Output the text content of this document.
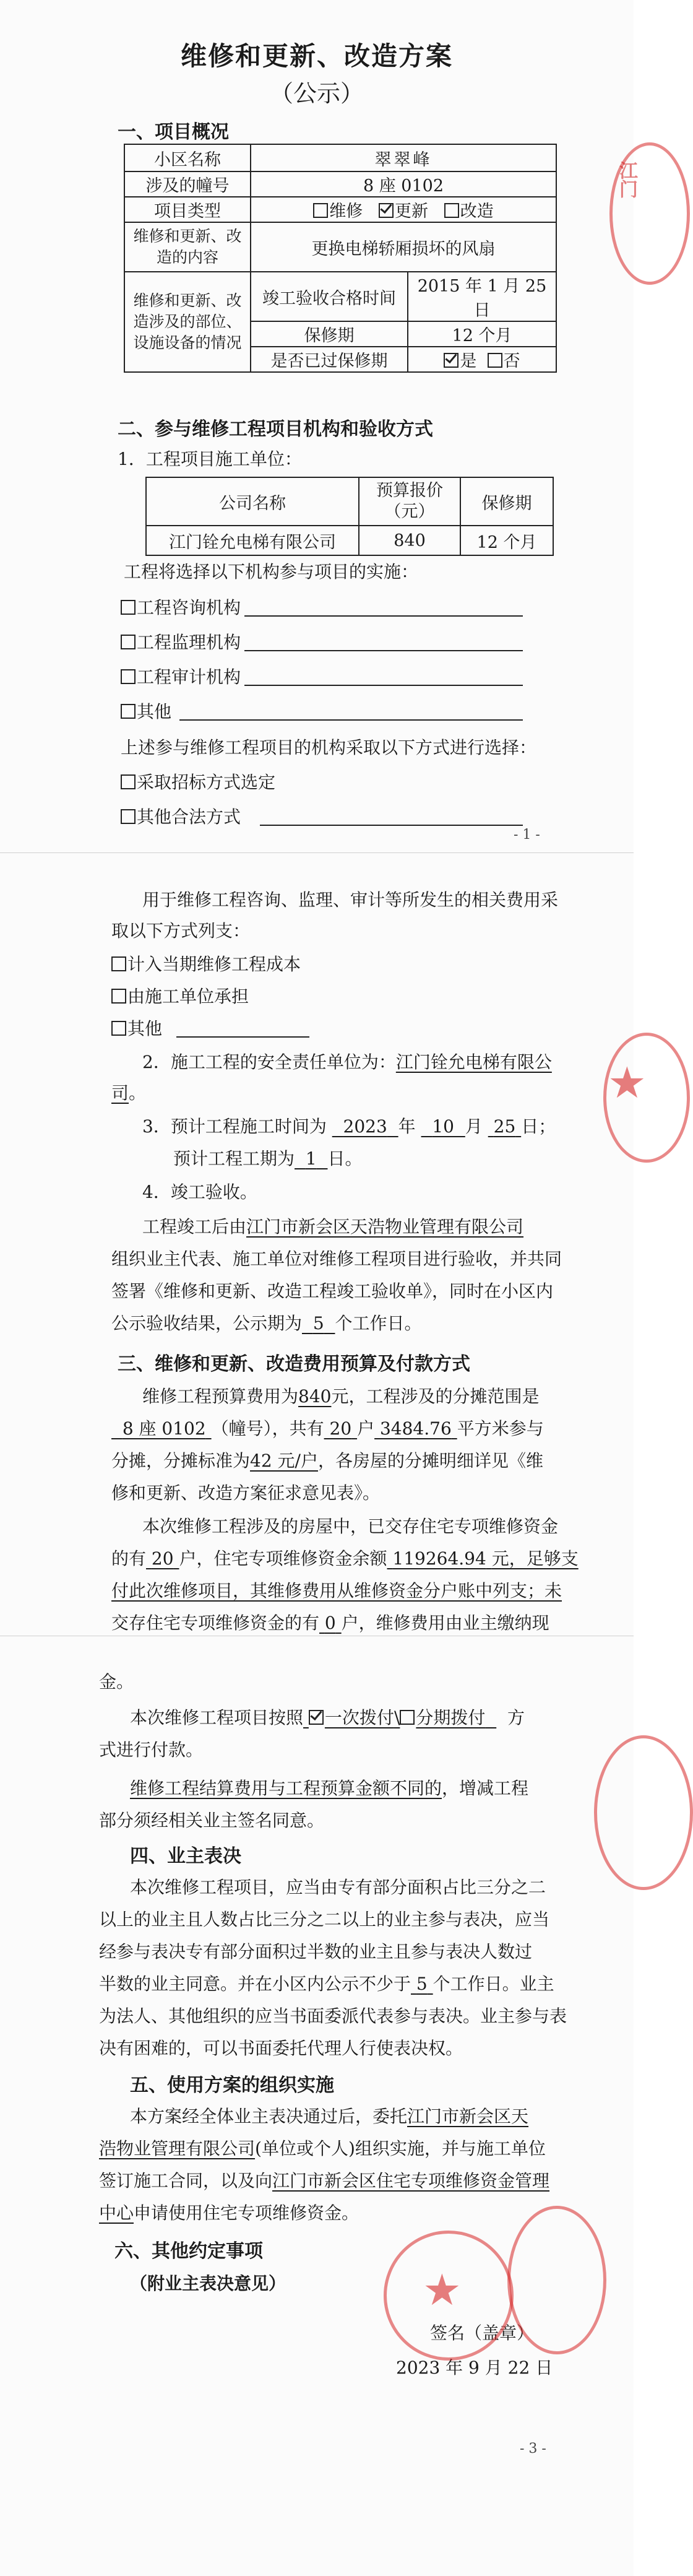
维修和更新、改造方案
（公示）
一、项目概况
小区名称	翠翠峰	
涉及的幢号	8 座 0102	
项目类型	维修 更新 改造	
维修和更新、改造的内容	更换电梯轿厢损坏的风扇	
维修和更新、改造涉及的部位、设施设备的情况	竣工验收合格时间	2015 年 1 月 25 日
	保修期	12 个月
	是否已过保修期	是 否
二、参与维修工程项目机构和验收方式
1．工程项目施工单位：
公司名称	预算报价（元）	保修期
江门铨允电梯有限公司	840	12 个月
工程将选择以下机构参与项目的实施：
工程咨询机构
工程监理机构
工程审计机构
其他
上述参与维修工程项目的机构采取以下方式进行选择：
采取招标方式选定
其他合法方式
- 1 -
江门
用于维修工程咨询、监理、审计等所发生的相关费用采
取以下方式列支：
计入当期维修工程成本
由施工单位承担
其他
2．施工工程的安全责任单位为：江门铨允电梯有限公
司。
3．预计工程施工时间为 2023 年 10 月 25 日；
预计工程工期为 1 日。
4．竣工验收。
工程竣工后由江门市新会区天浩物业管理有限公司
组织业主代表、施工单位对维修工程项目进行验收，并共同
签署《维修和更新、改造工程竣工验收单》，同时在小区内
公示验收结果，公示期为 5 个工作日。
三、维修和更新、改造费用预算及付款方式
维修工程预算费用为840元，工程涉及的分摊范围是
8 座 0102 （幢号），共有 20 户 3484.76 平方米参与
分摊，分摊标准为42 元/户，各房屋的分摊明细详见《维
修和更新、改造方案征求意见表》。
本次维修工程涉及的房屋中，已交存住宅专项维修资金
的有 20 户，住宅专项维修资金余额 119264.94 元，足够支
付此次维修项目，其维修费用从维修资金分户账中列支；未
交存住宅专项维修资金的有 0 户，维修费用由业主缴纳现
★
金。
本次维修工程项目按照 一次拨付\ 分期拨付 方
式进行付款。
维修工程结算费用与工程预算金额不同的，增减工程
部分须经相关业主签名同意。
四、业主表决
本次维修工程项目，应当由专有部分面积占比三分之二
以上的业主且人数占比三分之二以上的业主参与表决，应当
经参与表决专有部分面积过半数的业主且参与表决人数过
半数的业主同意。并在小区内公示不少于 5 个工作日。业主
为法人、其他组织的应当书面委派代表参与表决。业主参与表
决有困难的，可以书面委托代理人行使表决权。
五、使用方案的组织实施
本方案经全体业主表决通过后，委托江门市新会区天
浩物业管理有限公司(单位或个人)组织实施，并与施工单位
签订施工合同，以及向江门市新会区住宅专项维修资金管理
中心申请使用住宅专项维修资金。
六、其他约定事项
（附业主表决意见）
签名（盖章）
2023 年 9 月 22 日
- 3 -
★
